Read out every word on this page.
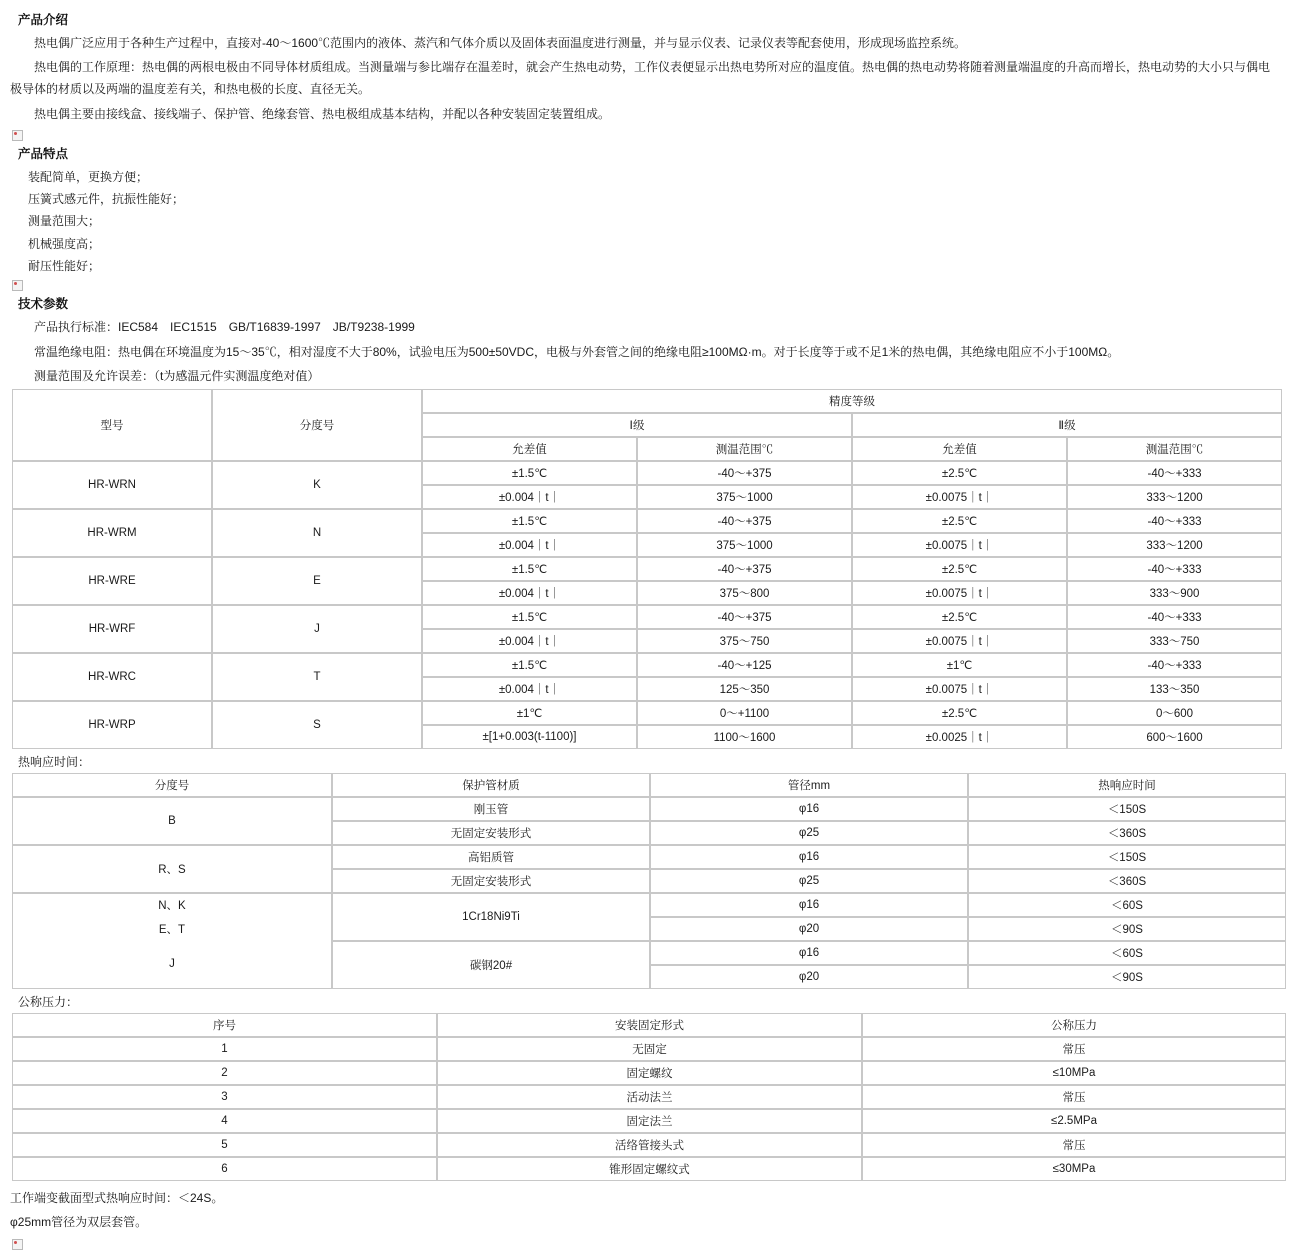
产品介绍

热电偶广泛应用于各种生产过程中，直接对-40～1600℃范围内的液体、蒸汽和气体介质以及固体表面温度进行测量，并与显示仪表、记录仪表等配套使用，形成现场监控系统。

热电偶的工作原理：热电偶的两根电极由不同导体材质组成。当测量端与参比端存在温差时，就会产生热电动势，工作仪表便显示出热电势所对应的温度值。热电偶的热电动势将随着测量端温度的升高而增长，热电动势的大小只与偶电极导体的材质以及两端的温度差有关，和热电极的长度、直径无关。

热电偶主要由接线盒、接线端子、保护管、绝缘套管、热电极组成基本结构，并配以各种安装固定装置组成。

产品特点

装配简单，更换方便；

压簧式感元件，抗振性能好；

测量范围大；

机械强度高；

耐压性能好；

技术参数

产品执行标准：IEC584　IEC1515　GB/T16839-1997　JB/T9238-1999

常温绝缘电阻：热电偶在环境温度为15～35℃，相对湿度不大于80%，试验电压为500±50VDC，电极与外套管之间的绝缘电阻≥100MΩ·m。对于长度等于或不足1米的热电偶，其绝缘电阻应不小于100MΩ。

测量范围及允许误差：（t为感温元件实测温度绝对值）

型号	分度号	精度等级			
		Ⅰ级		Ⅱ级	
		允差值	测温范围℃	允差值	测温范围℃
HR-WRN	K	±1.5℃	-40～+375	±2.5℃	-40～+333
		±0.004｜t｜	375～1000	±0.0075｜t｜	333～1200
HR-WRM	N	±1.5℃	-40～+375	±2.5℃	-40～+333
		±0.004｜t｜	375～1000	±0.0075｜t｜	333～1200
HR-WRE	E	±1.5℃	-40～+375	±2.5℃	-40～+333
		±0.004｜t｜	375～800	±0.0075｜t｜	333～900
HR-WRF	J	±1.5℃	-40～+375	±2.5℃	-40～+333
		±0.004｜t｜	375～750	±0.0075｜t｜	333～750
HR-WRC	T	±1.5℃	-40～+125	±1℃	-40～+333
		±0.004｜t｜	125～350	±0.0075｜t｜	133～350
HR-WRP	S	±1℃	0～+1100	±2.5℃	0～600
		±[1+0.003(t-1100)]	1100～1600	±0.0025｜t｜	600～1600
热响应时间：
分度号	保护管材质	管径mm	热响应时间
B	刚玉管	φ16	＜150S
	无固定安装形式	φ25	＜360S
R、S	高铝质管	φ16	＜150S
	无固定安装形式	φ25	＜360S
N、K	1Cr18Ni9Ti	φ16	＜60S
E、T		φ20	＜90S
J	碳钢20#	φ16	＜60S
		φ20	＜90S
公称压力：
序号	安装固定形式	公称压力
1	无固定	常压
2	固定螺纹	≤10MPa
3	活动法兰	常压
4	固定法兰	≤2.5MPa
5	活络管接头式	常压
6	锥形固定螺纹式	≤30MPa

工作端变截面型式热响应时间：＜24S。

φ25mm管径为双层套管。
